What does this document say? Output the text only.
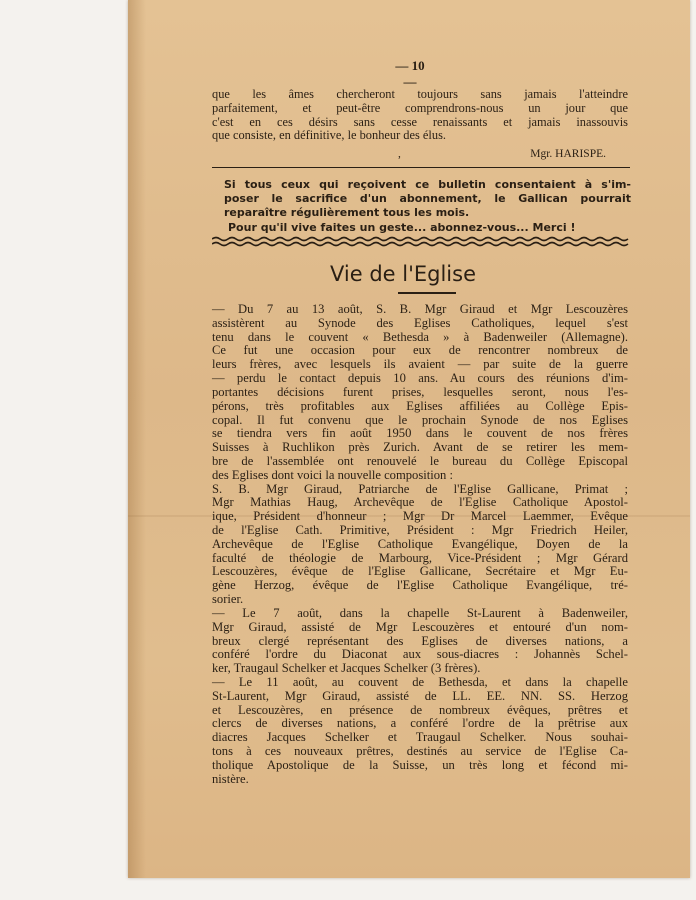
— 10 —
que les âmes chercheront toujours sans jamais l'atteindre
parfaitement, et peut-être comprendrons-nous un jour que
c'est en ces désirs sans cesse renaissants et jamais inassouvis
que consiste, en définitive, le bonheur des élus.
,	Mgr. HARISPE.
Si tous ceux qui reçoivent ce bulletin consentaient à s'im-
poser le sacrifice d'un abonnement, le Gallican pourrait
reparaître régulièrement tous les mois.
Pour qu'il vive faites un geste... abonnez-vous... Merci !
Vie de l'Eglise
— Du 7 au 13 août, S. B. Mgr Giraud et Mgr Lescouzères
assistèrent au Synode des Eglises Catholiques, lequel s'est
tenu dans le couvent « Bethesda » à Badenweiler (Allemagne).
Ce fut une occasion pour eux de rencontrer nombreux de
leurs frères, avec lesquels ils avaient — par suite de la guerre
— perdu le contact depuis 10 ans. Au cours des réunions d'im-
portantes décisions furent prises, lesquelles seront, nous l'es-
pérons, très profitables aux Eglises affiliées au Collège Epis-
copal. Il fut convenu que le prochain Synode de nos Eglises
se tiendra vers fin août 1950 dans le couvent de nos frères
Suisses à Ruchlikon près Zurich. Avant de se retirer les mem-
bre de l'assemblée ont renouvelé le bureau du Collège Episcopal
des Eglises dont voici la nouvelle composition :
S. B. Mgr Giraud, Patriarche de l'Eglise Gallicane, Primat ;
Mgr Mathias Haug, Archevêque de l'Eglise Catholique Apostol-
ique, Président d'honneur ; Mgr Dr Marcel Laemmer, Evêque
de l'Eglise Cath. Primitive, Président : Mgr Friedrich Heiler,
Archevêque de l'Eglise Catholique Evangélique, Doyen de la
faculté de théologie de Marbourg, Vice-Président ; Mgr Gérard
Lescouzères, évêque de l'Eglise Gallicane, Secrétaire et Mgr Eu-
gène Herzog, évêque de l'Eglise Catholique Evangélique, tré-
sorier.
— Le 7 août, dans la chapelle St-Laurent à Badenweiler,
Mgr Giraud, assisté de Mgr Lescouzères et entouré d'un nom-
breux clergé représentant des Eglises de diverses nations, a
conféré l'ordre du Diaconat aux sous-diacres : Johannès Schel-
ker, Traugaul Schelker et Jacques Schelker (3 frères).
— Le 11 août, au couvent de Bethesda, et dans la chapelle
St-Laurent, Mgr Giraud, assisté de LL. EE. NN. SS. Herzog
et Lescouzères, en présence de nombreux évêques, prêtres et
clercs de diverses nations, a conféré l'ordre de la prêtrise aux
diacres Jacques Schelker et Traugaul Schelker. Nous souhai-
tons à ces nouveaux prêtres, destinés au service de l'Eglise Ca-
tholique Apostolique de la Suisse, un très long et fécond mi-
nistère.
